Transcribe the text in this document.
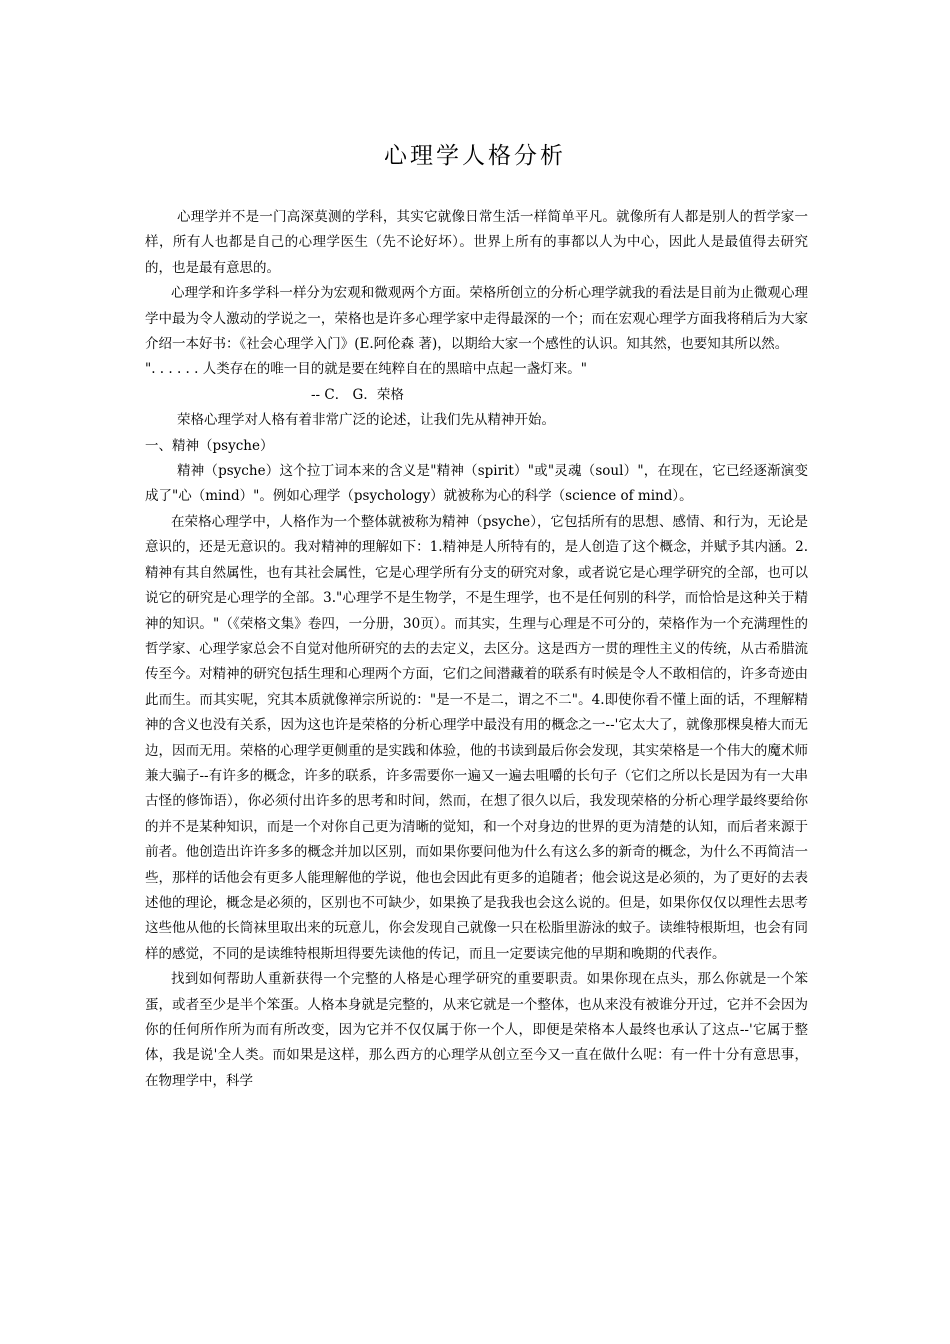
心理学人格分析

心理学并不是一门高深莫测的学科，其实它就像日常生活一样简单平凡。就像所有人都是别人的哲学家一样，所有人也都是自己的心理学医生（先不论好坏）。世界上所有的事都以人为中心，因此人是最值得去研究的，也是最有意思的。

心理学和许多学科一样分为宏观和微观两个方面。荣格所创立的分析心理学就我的看法是目前为止微观心理学中最为令人激动的学说之一，荣格也是许多心理学家中走得最深的一个；而在宏观心理学方面我将稍后为大家介绍一本好书：《社会心理学入门》(E.阿伦森 著)，以期给大家一个感性的认识。知其然，也要知其所以然。

". . . . . . 人类存在的唯一目的就是要在纯粹自在的黑暗中点起一盏灯来。"

-- C． G．荣格

荣格心理学对人格有着非常广泛的论述，让我们先从精神开始。

一、精神（psyche）

精神（psyche）这个拉丁词本来的含义是"精神（spirit）"或"灵魂（soul）"，在现在，它已经逐渐演变成了"心（mind）"。例如心理学（psychology）就被称为心的科学（science of mind）。

在荣格心理学中，人格作为一个整体就被称为精神（psyche），它包括所有的思想、感情、和行为，无论是意识的，还是无意识的。我对精神的理解如下：1.精神是人所特有的，是人创造了这个概念，并赋予其内涵。2.精神有其自然属性，也有其社会属性，它是心理学所有分支的研究对象，或者说它是心理学研究的全部，也可以说它的研究是心理学的全部。3."心理学不是生物学，不是生理学，也不是任何别的科学，而恰恰是这种关于精神的知识。"（《荣格文集》卷四，一分册，30页）。而其实，生理与心理是不可分的，荣格作为一个充满理性的哲学家、心理学家总会不自觉对他所研究的去的去定义，去区分。这是西方一贯的理性主义的传统，从古希腊流传至今。对精神的研究包括生理和心理两个方面，它们之间潜藏着的联系有时候是令人不敢相信的，许多奇迹由此而生。而其实呢，究其本质就像禅宗所说的："是一不是二，谓之不二"。4.即使你看不懂上面的话，不理解精神的含义也没有关系，因为这也许是荣格的分析心理学中最没有用的概念之一--'它太大了，就像那棵臭椿大而无边，因而无用。荣格的心理学更侧重的是实践和体验，他的书读到最后你会发现，其实荣格是一个伟大的魔术师兼大骗子--有许多的概念，许多的联系，许多需要你一遍又一遍去咀嚼的长句子（它们之所以长是因为有一大串古怪的修饰语），你必须付出许多的思考和时间，然而，在想了很久以后，我发现荣格的分析心理学最终要给你的并不是某种知识，而是一个对你自己更为清晰的觉知，和一个对身边的世界的更为清楚的认知，而后者来源于前者。他创造出许许多多的概念并加以区别，而如果你要问他为什么有这么多的新奇的概念，为什么不再简洁一些，那样的话他会有更多人能理解他的学说，他也会因此有更多的追随者；他会说这是必须的，为了更好的去表述他的理论，概念是必须的，区别也不可缺少，如果换了是我我也会这么说的。但是，如果你仅仅以理性去思考这些他从他的长筒袜里取出来的玩意儿，你会发现自己就像一只在松脂里游泳的蚊子。读维特根斯坦，也会有同样的感觉，不同的是读维特根斯坦得要先读他的传记，而且一定要读完他的早期和晚期的代表作。

找到如何帮助人重新获得一个完整的人格是心理学研究的重要职责。如果你现在点头，那么你就是一个笨蛋，或者至少是半个笨蛋。人格本身就是完整的，从来它就是一个整体，也从来没有被谁分开过，它并不会因为你的任何所作所为而有所改变，因为它并不仅仅属于你一个人，即便是荣格本人最终也承认了这点--'它属于整体，我是说'全人类。而如果是这样，那么西方的心理学从创立至今又一直在做什么呢：有一件十分有意思事，在物理学中，科学
